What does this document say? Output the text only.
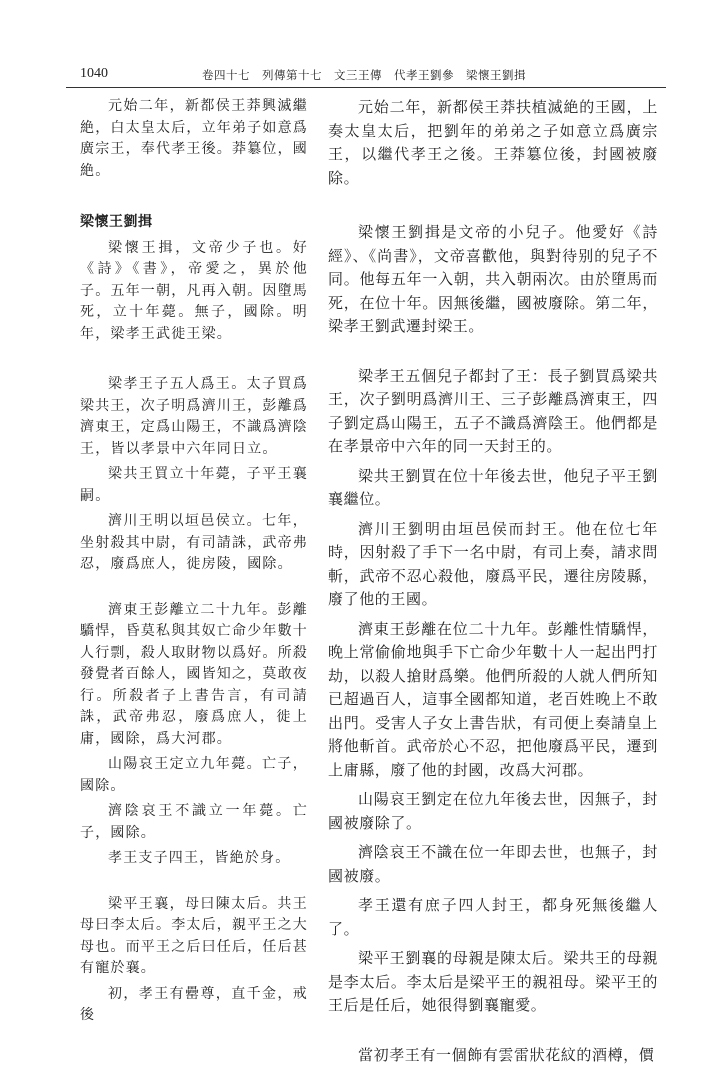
1040	卷四十七　列傳第十七　文三王傳　代孝王劉參　梁懷王劉揖

元始二年，新都侯王莽興滅繼絶，白太皇太后，立年弟子如意爲廣宗王，奉代孝王後。莽簒位，國絶。

梁懷王劉揖

梁懷王揖，文帝少子也。好《詩》《書》，帝愛之，異於他子。五年一朝，凡再入朝。因墮馬死，立十年薨。無子，國除。明年，梁孝王武徙王梁。

梁孝王子五人爲王。太子買爲梁共王，次子明爲濟川王，彭離爲濟東王，定爲山陽王，不識爲濟陰王，皆以孝景中六年同日立。

梁共王買立十年薨，子平王襄嗣。

濟川王明以垣邑侯立。七年，坐射殺其中尉，有司請誅，武帝弗忍，廢爲庶人，徙房陵，國除。

濟東王彭離立二十九年。彭離驕悍，昏莫私與其奴亡命少年數十人行剽，殺人取財物以爲好。所殺發覺者百餘人，國皆知之，莫敢夜行。所殺者子上書告言，有司請誅，武帝弗忍，廢爲庶人，徙上庸，國除，爲大河郡。

山陽哀王定立九年薨。亡子，國除。

濟陰哀王不識立一年薨。亡子，國除。

孝王支子四王，皆絶於身。

梁平王襄，母曰陳太后。共王母曰李太后。李太后，親平王之大母也。而平王之后曰任后，任后甚有寵於襄。

初，孝王有罍尊，直千金，戒後

元始二年，新都侯王莽扶植滅絶的王國，上奏太皇太后，把劉年的弟弟之子如意立爲廣宗王，以繼代孝王之後。王莽簒位後，封國被廢除。

梁懷王劉揖是文帝的小兒子。他愛好《詩經》、《尚書》，文帝喜歡他，與對待别的兒子不同。他每五年一入朝，共入朝兩次。由於墮馬而死，在位十年。因無後繼，國被廢除。第二年，梁孝王劉武遷封梁王。

梁孝王五個兒子都封了王：長子劉買爲梁共王，次子劉明爲濟川王、三子彭離爲濟東王，四子劉定爲山陽王，五子不識爲濟陰王。他們都是在孝景帝中六年的同一天封王的。

梁共王劉買在位十年後去世，他兒子平王劉襄繼位。

濟川王劉明由垣邑侯而封王。他在位七年時，因射殺了手下一名中尉，有司上奏，請求問斬，武帝不忍心殺他，廢爲平民，遷往房陵縣，廢了他的王國。

濟東王彭離在位二十九年。彭離性情驕悍，晚上常偷偷地與手下亡命少年數十人一起出門打劫，以殺人搶財爲樂。他們所殺的人就人們所知已超過百人，這事全國都知道，老百姓晚上不敢出門。受害人子女上書告狀，有司便上奏請皇上將他斬首。武帝於心不忍，把他廢爲平民，遷到上庸縣，廢了他的封國，改爲大河郡。

山陽哀王劉定在位九年後去世，因無子，封國被廢除了。

濟陰哀王不識在位一年即去世，也無子，封國被廢。

孝王還有庶子四人封王，都身死無後繼人了。

梁平王劉襄的母親是陳太后。梁共王的母親是李太后。李太后是梁平王的親祖母。梁平王的王后是任后，她很得劉襄寵愛。

當初孝王有一個飾有雲雷狀花紋的酒樽，價
